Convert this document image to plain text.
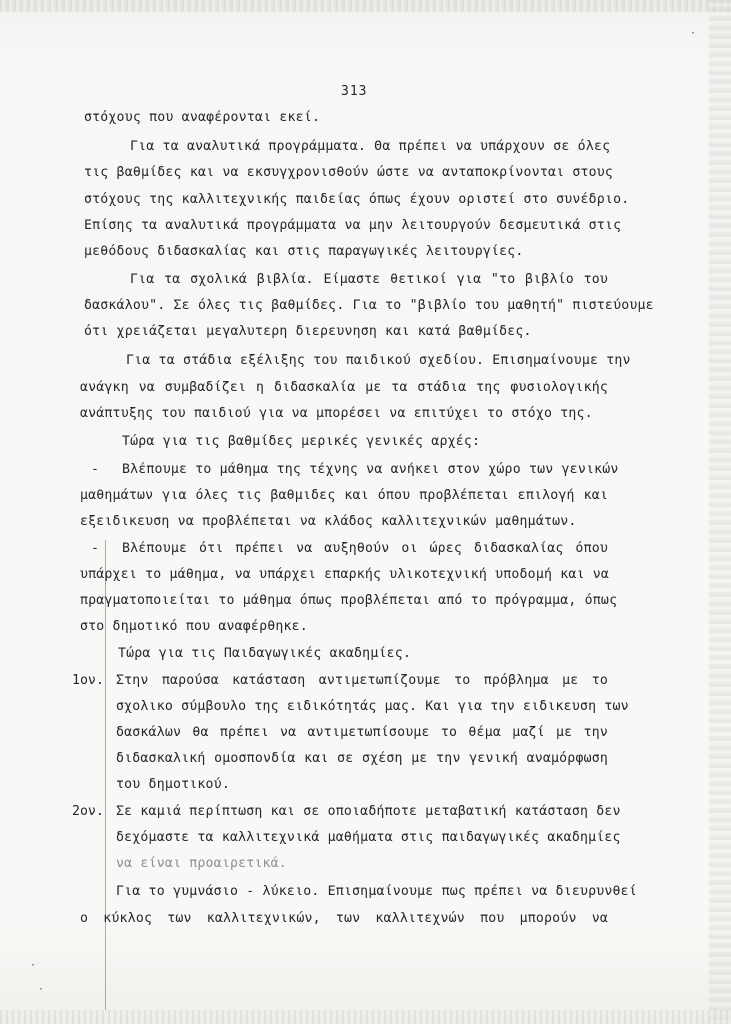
·
·
·
313
στόχους που αναφέρονται εκεί.
Για τα αναλυτικά προγράμματα. Θα πρέπει να υπάρχουν σε όλες
τις βαθμίδες και να εκσυγχρονισθούν ώστε να ανταποκρίνονται στους
στόχους της καλλιτεχνικής παιδείας όπως έχουν οριστεί στο συνέδριο.
Επίσης τα αναλυτικά προγράμματα να μην λειτουργούν δεσμευτικά στις
μεθόδους διδασκαλίας και στις παραγωγικές λειτουργίες.
Για τα σχολικά βιβλία. Είμαστε θετικοί για "το βιβλίο του
δασκάλου". Σε όλες τις βαθμίδες. Για το "βιβλίο του μαθητή" πιστεύουμε
ότι χρειάζεται μεγαλυτερη διερευνηση και κατά βαθμίδες.
Για τα στάδια εξέλιξης του παιδικού σχεδίου. Επισημαίνουμε την
ανάγκη να συμβαδίζει η διδασκαλία με τα στάδια της φυσιολογικής
ανάπτυξης του παιδιού για να μπορέσει να επιτύχει το στόχο της.
Τώρα για τις βαθμίδες μερικές γενικές αρχές:
- Βλέπουμε το μάθημα της τέχνης να ανήκει στον χώρο των γενικών
μαθημάτων για όλες τις βαθμιδες και όπου προβλέπεται επιλογή και
εξειδικευση να προβλέπεται να κλάδος καλλιτεχνικών μαθημάτων.
- Βλέπουμε ότι πρέπει να αυξηθούν οι ώρες διδασκαλίας όπου
υπάρχει το μάθημα, να υπάρχει επαρκής υλικοτεχνική υποδομή και να
πραγματοποιείται το μάθημα όπως προβλέπεται από το πρόγραμμα, όπως
στο δημοτικό που αναφέρθηκε.
Τώρα για τις Παιδαγωγικές ακαδημίες.
1ον. Στην παρούσα κατάσταση αντιμετωπίζουμε το πρόβλημα με το
σχολικο σύμβουλο της ειδικότητάς μας. Και για την ειδικευση των
δασκάλων θα πρέπει να αντιμετωπίσουμε το θέμα μαζί με την
διδασκαλική ομοσπονδία και σε σχέση με την γενική αναμόρφωση
του δημοτικού.
2ον. Σε καμιά περίπτωση και σε οποιαδήποτε μεταβατική κατάσταση δεν
δεχόμαστε τα καλλιτεχνικά μαθήματα στις παιδαγωγικές ακαδημίες
να είναι προαιρετικά.
Για το γυμνάσιο - λύκειο. Επισημαίνουμε πως πρέπει να διευρυνθεί
ο κύκλος των καλλιτεχνικών, των καλλιτεχνών που μπορούν να
